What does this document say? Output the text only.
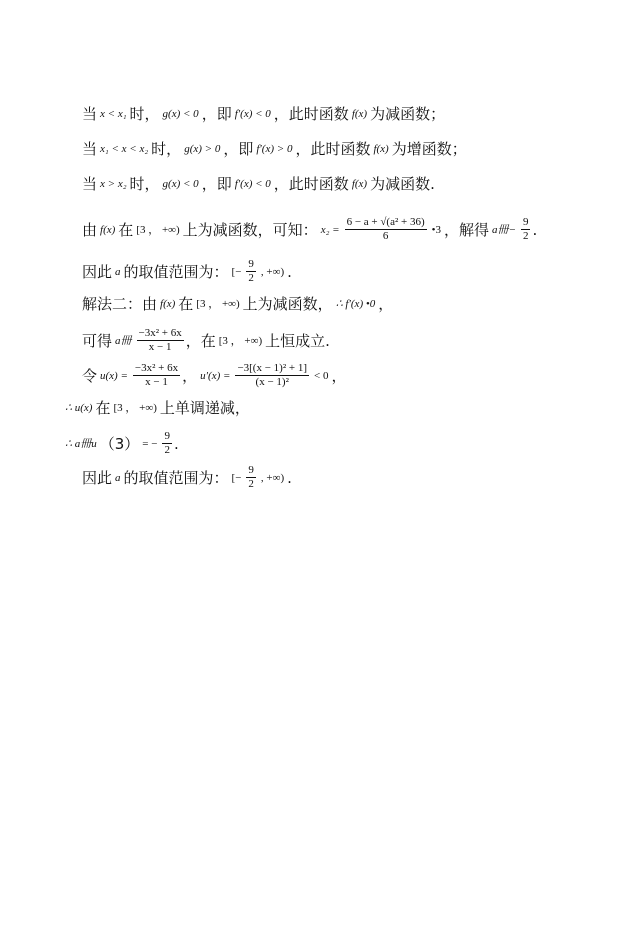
当 x < x₁ 时， g(x) < 0 ，即 f′(x) < 0 ，此时函数 f(x) 为减函数；
当 x₁ < x < x₂ 时， g(x) > 0 ，即 f′(x) > 0 ，此时函数 f(x) 为增函数；
当 x > x₂ 时， g(x) < 0 ，即 f′(x) < 0 ，此时函数 f(x) 为减函数.
由 f(x) 在 [3 ， +∞) 上为减函数，可知： $x_2 = \frac{\text{6 − a + √(a² + 36)}}{6}$ •3 ，解得 a冊− $\frac{9}{2}$ .
因此 a 的取值范围为： [− $\frac{9}{2}$ , +∞) .
解法二：由 f(x) 在 [3 ， +∞) 上为减函数， ∴ f′(x) •0 ，
可得 a冊 $\frac{\text{−3x² + 6x}}{x - 1}$ ，在 [3 ， +∞) 上恒成立.
令 $u(x) = \frac{\text{−3x² + 6x}}{x - 1}$ ， $u'(x) = \frac{\text{−3[(x − 1)² + 1]}}{\text{(x − 1)²}} < 0$ ，
∴ u(x) 在 [3 ， +∞) 上单调递减，
∴ a冊u （3） = − $\frac{9}{2}$ .
因此 a 的取值范围为： [− $\frac{9}{2}$ , +∞) .
